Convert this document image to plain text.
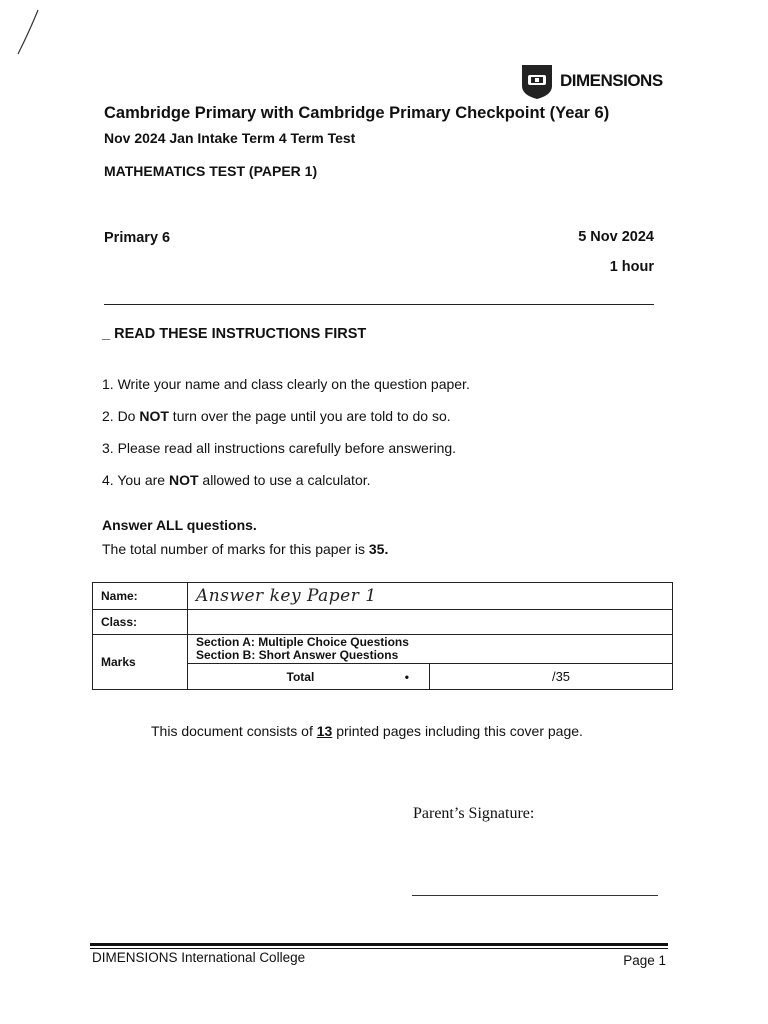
DIMENSIONS
Cambridge Primary with Cambridge Primary Checkpoint (Year 6)
Nov 2024 Jan Intake Term 4 Term Test
MATHEMATICS TEST (PAPER 1)
Primary 6	5 Nov 2024
1 hour
_ READ THESE INSTRUCTIONS FIRST
1. Write your name and class clearly on the question paper.
2. Do NOT turn over the page until you are told to do so.
3. Please read all instructions carefully before answering.
4. You are NOT allowed to use a calculator.
Answer ALL questions.
The total number of marks for this paper is 35.
Name:	Answer key Paper 1	
Class:		
Marks	Section A: Multiple Choice Questions
Section B: Short Answer Questions	

	Total •	/35
This document consists of 13 printed pages including this cover page.
Parent’s Signature:
DIMENSIONS International College	Page 1
